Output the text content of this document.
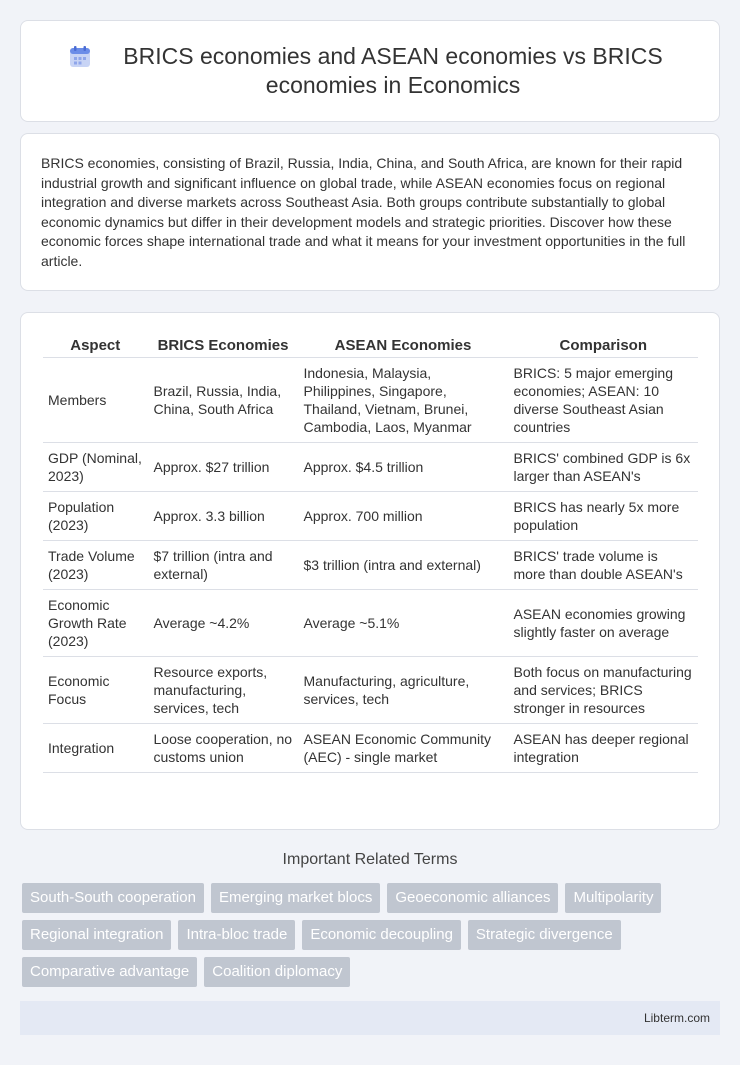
BRICS economies and ASEAN economies vs BRICS economies in Economics

BRICS economies, consisting of Brazil, Russia, India, China, and South Africa, are known for their rapid industrial growth and significant influence on global trade, while ASEAN economies focus on regional integration and diverse markets across Southeast Asia. Both groups contribute substantially to global economic dynamics but differ in their development models and strategic priorities. Discover how these economic forces shape international trade and what it means for your investment opportunities in the full article.

Aspect	BRICS Economies	ASEAN Economies	Comparison
Members	Brazil, Russia, India, China, South Africa	Indonesia, Malaysia, Philippines, Singapore, Thailand, Vietnam, Brunei, Cambodia, Laos, Myanmar	BRICS: 5 major emerging economies; ASEAN: 10 diverse Southeast Asian countries
GDP (Nominal, 2023)	Approx. $27 trillion	Approx. $4.5 trillion	BRICS' combined GDP is 6x larger than ASEAN's
Population (2023)	Approx. 3.3 billion	Approx. 700 million	BRICS has nearly 5x more population
Trade Volume (2023)	$7 trillion (intra and external)	$3 trillion (intra and external)	BRICS' trade volume is more than double ASEAN's
Economic Growth Rate (2023)	Average ~4.2%	Average ~5.1%	ASEAN economies growing slightly faster on average
Economic Focus	Resource exports, manufacturing, services, tech	Manufacturing, agriculture, services, tech	Both focus on manufacturing and services; BRICS stronger in resources
Integration	Loose cooperation, no customs union	ASEAN Economic Community (AEC) - single market	ASEAN has deeper regional integration
Important Related Terms
South-South cooperation	Emerging market blocs	Geoeconomic alliances	Multipolarity
Regional integration	Intra-bloc trade	Economic decoupling	Strategic divergence
Comparative advantage	Coalition diplomacy
Libterm.com
